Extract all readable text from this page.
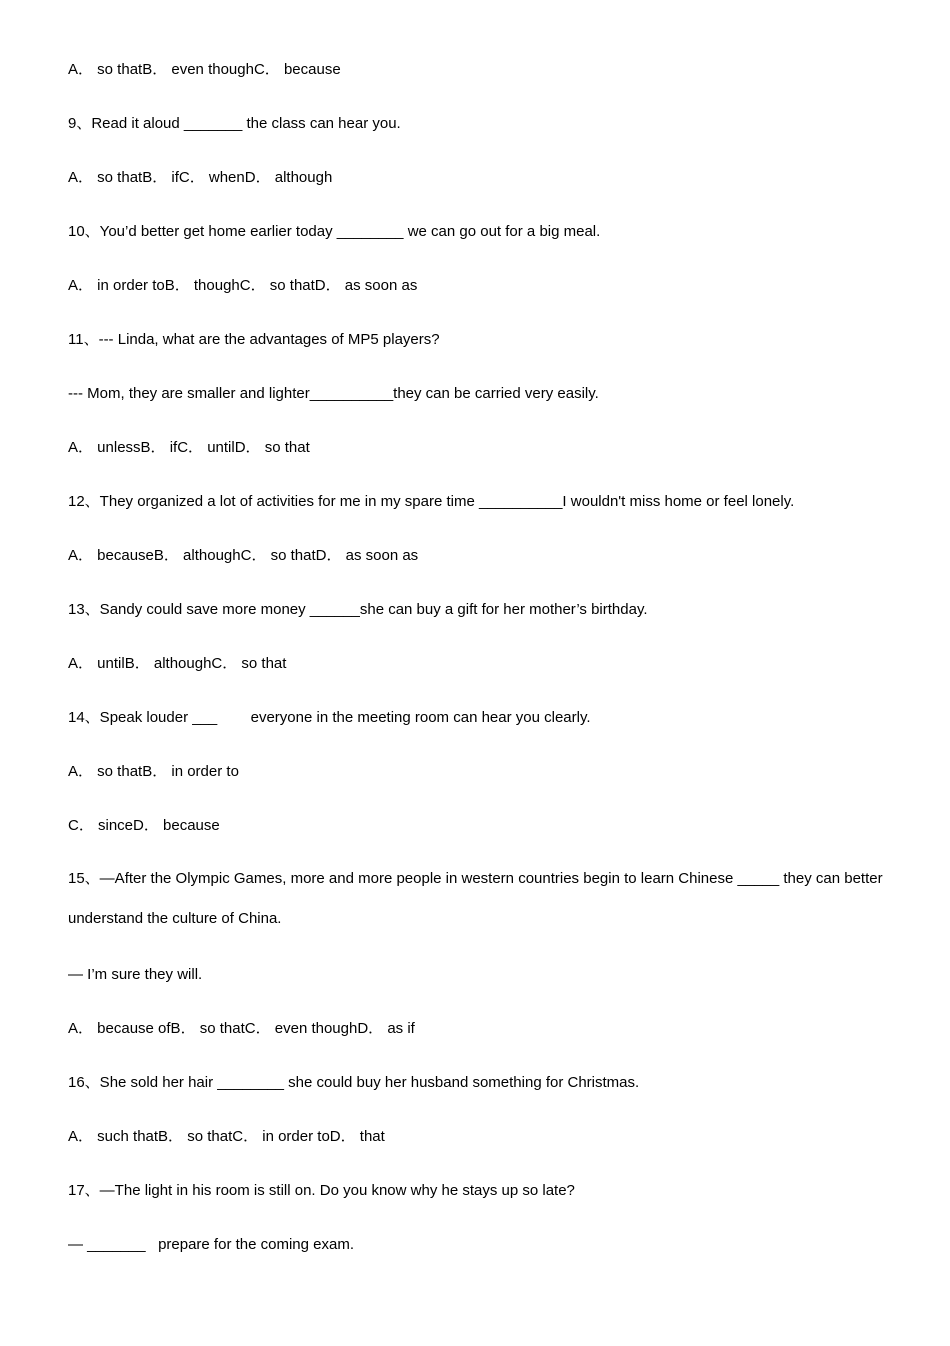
A． so thatB． even thoughC． because
9、Read it aloud _______ the class can hear you.
A． so thatB． ifC． whenD． although
10、You’d better get home earlier today ________ we can go out for a big meal.
A． in order toB． thoughC． so thatD． as soon as
11、--- Linda, what are the advantages of MP5 players?
--- Mom, they are smaller and lighter__________they can be carried very easily.
A． unlessB． ifC． untilD． so that
12、They organized a lot of activities for me in my spare time __________I wouldn't miss home or feel lonely.
A． becauseB． althoughC． so thatD． as soon as
13、Sandy could save more money ______she can buy a gift for her mother’s birthday.
A． untilB． althoughC． so that
14、Speak louder ___        everyone in the meeting room can hear you clearly.
A． so thatB． in order to
C． sinceD． because
15、—After the Olympic Games, more and more people in western countries begin to learn Chinese _____ they can better understand the culture of China.
— I’m sure they will.
A． because ofB． so thatC． even thoughD． as if
16、She sold her hair ________ she could buy her husband something for Christmas.
A． such thatB． so thatC． in order toD． that
17、—The light in his room is still on. Do you know why he stays up so late?
— _______   prepare for the coming exam.
